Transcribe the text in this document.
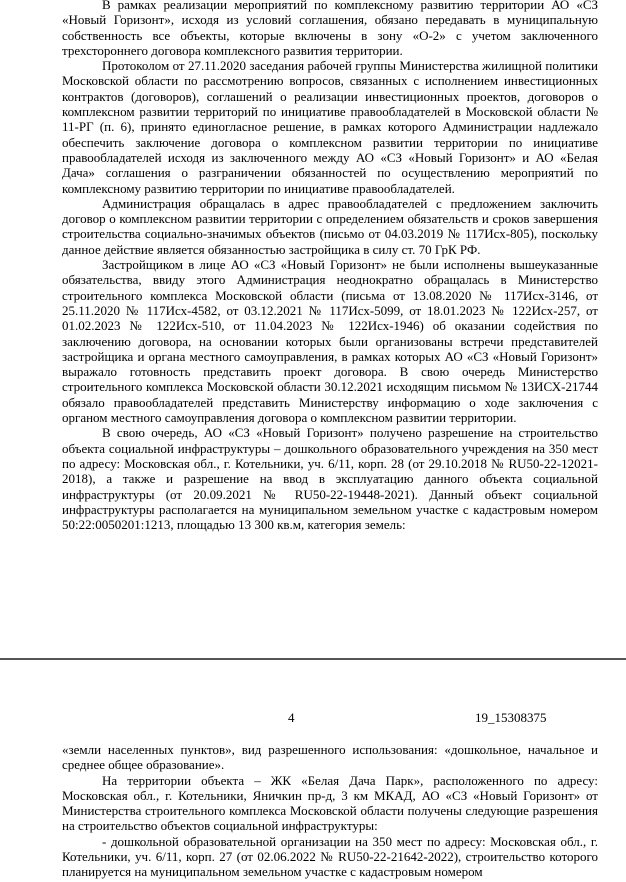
В рамках реализации мероприятий по комплексному развитию территории АО «СЗ «Новый Горизонт», исходя из условий соглашения, обязано передавать в муниципальную собственность все объекты, которые включены в зону «О-2» с учетом заключенного трехстороннего договора комплексного развития территории.

Протоколом от 27.11.2020 заседания рабочей группы Министерства жилищной политики Московской области по рассмотрению вопросов, связанных с исполнением инвестиционных контрактов (договоров), соглашений о реализации инвестиционных проектов, договоров о комплексном развитии территорий по инициативе правообладателей в Московской области № 11-РГ (п. 6), принято единогласное решение, в рамках которого Администрации надлежало обеспечить заключение договора о комплексном развитии территории по инициативе правообладателей исходя из заключенного между АО «СЗ «Новый Горизонт» и АО «Белая Дача» соглашения о разграничении обязанностей по осуществлению мероприятий по комплексному развитию территории по инициативе правообладателей.

Администрация обращалась в адрес правообладателей с предложением заключить договор о комплексном развитии территории с определением обязательств и сроков завершения строительства социально-значимых объектов (письмо от 04.03.2019 № 117Исх-805), поскольку данное действие является обязанностью застройщика в силу ст. 70 ГрК РФ.

Застройщиком в лице АО «СЗ «Новый Горизонт» не были исполнены вышеуказанные обязательства, ввиду этого Администрация неоднократно обращалась в Министерство строительного комплекса Московской области (письма от 13.08.2020 № 117Исх-3146, от 25.11.2020 № 117Исх-4582, от 03.12.2021 № 117Исх-5099, от 18.01.2023 № 122Исх-257, от 01.02.2023 № 122Исх-510, от 11.04.2023 № 122Исх-1946) об оказании содействия по заключению договора, на основании которых были организованы встречи представителей застройщика и органа местного самоуправления, в рамках которых АО «СЗ «Новый Горизонт» выражало готовность представить проект договора. В свою очередь Министерство строительного комплекса Московской области 30.12.2021 исходящим письмом № 13ИСХ-21744 обязало правообладателей представить Министерству информацию о ходе заключения с органом местного самоуправления договора о комплексном развитии территории.

В свою очередь, АО «СЗ «Новый Горизонт» получено разрешение на строительство объекта социальной инфраструктуры – дошкольного образовательного учреждения на 350 мест по адресу: Московская обл., г. Котельники, уч. 6/11, корп. 28 (от 29.10.2018 № RU50-22-12021-2018), а также и разрешение на ввод в эксплуатацию данного объекта социальной инфраструктуры (от 20.09.2021 № RU50-22-19448-2021). Данный объект социальной инфраструктуры располагается на муниципальном земельном участке с кадастровым номером 50:22:0050201:1213, площадью 13 300 кв.м, категория земель:

4	19_15308375

«земли населенных пунктов», вид разрешенного использования: «дошкольное, начальное и среднее общее образование».

На территории объекта – ЖК «Белая Дача Парк», расположенного по адресу: Московская обл., г. Котельники, Яничкин пр-д, 3 км МКАД, АО «СЗ «Новый Горизонт» от Министерства строительного комплекса Московской области получены следующие разрешения на строительство объектов социальной инфраструктуры:

- дошкольной образовательной организации на 350 мест по адресу: Московская обл., г. Котельники, уч. 6/11, корп. 27 (от 02.06.2022 № RU50-22-21642-2022), строительство которого планируется на муниципальном земельном участке с кадастровым номером
